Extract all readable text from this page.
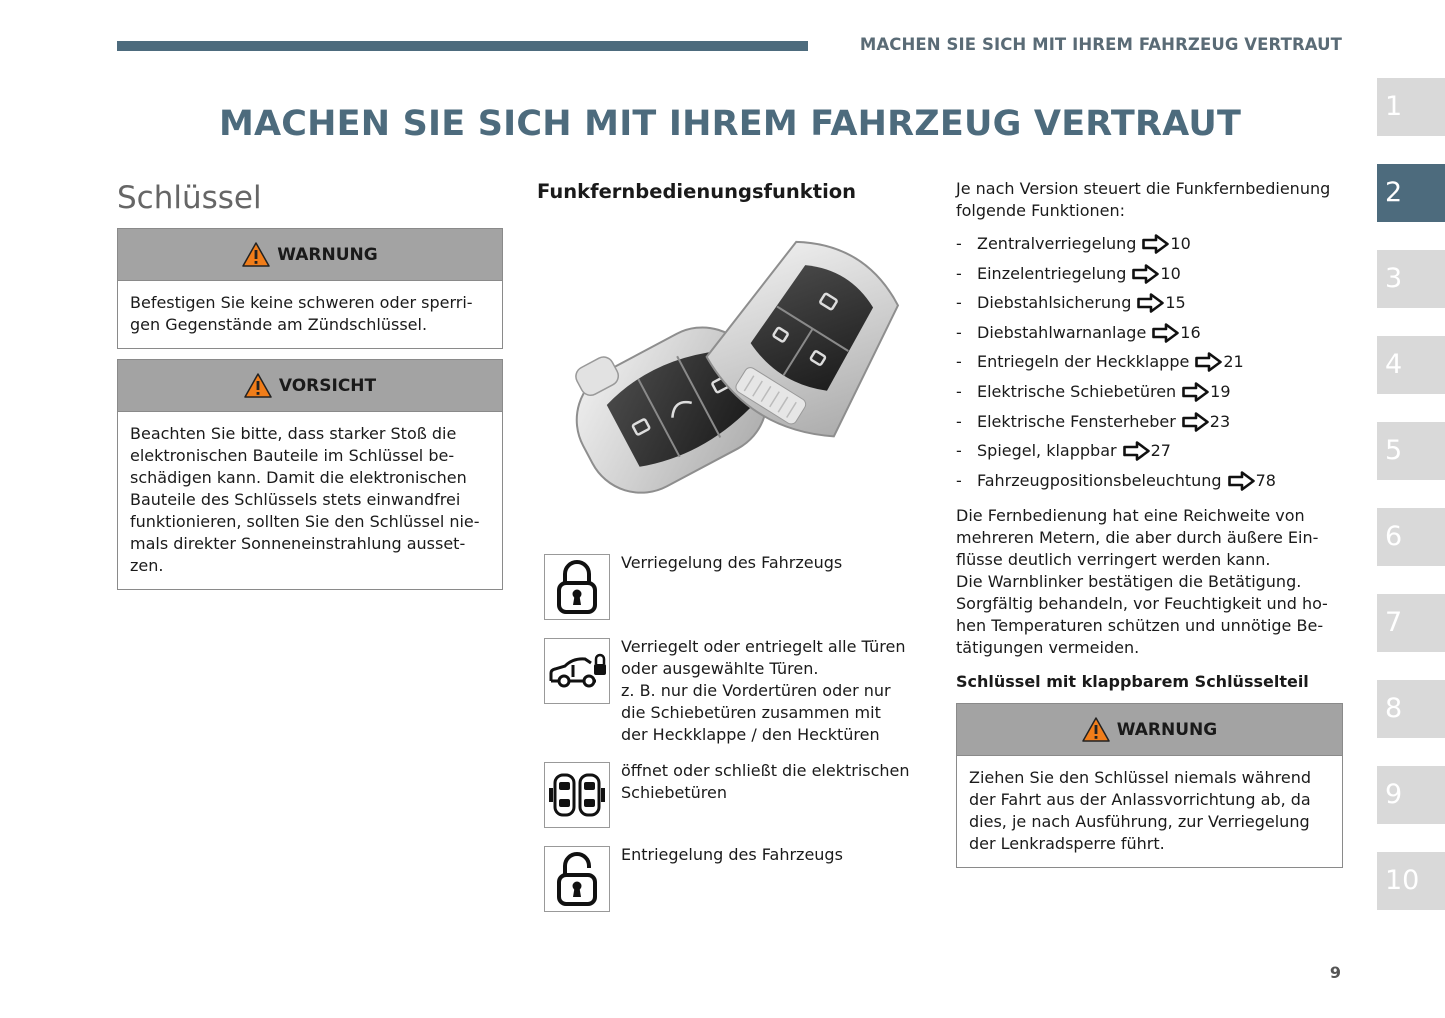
MACHEN SIE SICH MIT IHREM FAHRZEUG VERTRAUT
1
2
3
4
5
6
7
8
9
10
MACHEN SIE SICH MIT IHREM FAHRZEUG VERTRAUT
Schlüssel
WARNUNG
Befestigen Sie keine schweren oder sperrigen Gegenstände am Zündschlüssel.
VORSICHT
Beachten Sie bitte, dass starker Stoß die elektronischen Bauteile im Schlüssel beschädigen kann. Damit die elektronischen Bauteile des Schlüssels stets einwandfrei funktionieren, sollten Sie den Schlüssel niemals direkter Sonneneinstrahlung aussetzen.
Funkfernbedienungsfunktion
Verriegelung des Fahrzeugs
Verriegelt oder entriegelt alle Türen oder ausgewählte Türen.
z. B. nur die Vordertüren oder nur die Schiebetüren zusammen mit der Heckklappe / den Hecktüren
öffnet oder schließt die elektrischen Schiebetüren
Entriegelung des Fahrzeugs
Je nach Version steuert die Funkfernbedienung folgende Funktionen:
- Zentralverriegelung 10
- Einzelentriegelung 10
- Diebstahlsicherung 15
- Diebstahlwarnanlage 16
- Entriegeln der Heckklappe 21
- Elektrische Schiebetüren 19
- Elektrische Fensterheber 23
- Spiegel, klappbar 27
- Fahrzeugpositionsbeleuchtung 78
Die Fernbedienung hat eine Reichweite von mehreren Metern, die aber durch äußere Einflüsse deutlich verringert werden kann.
Die Warnblinker bestätigen die Betätigung.
Sorgfältig behandeln, vor Feuchtigkeit und hohen Temperaturen schützen und unnötige Betätigungen vermeiden.
Schlüssel mit klappbarem Schlüsselteil
WARNUNG
Ziehen Sie den Schlüssel niemals während der Fahrt aus der Anlassvorrichtung ab, da dies, je nach Ausführung, zur Verriegelung der Lenkradsperre führt.
9
